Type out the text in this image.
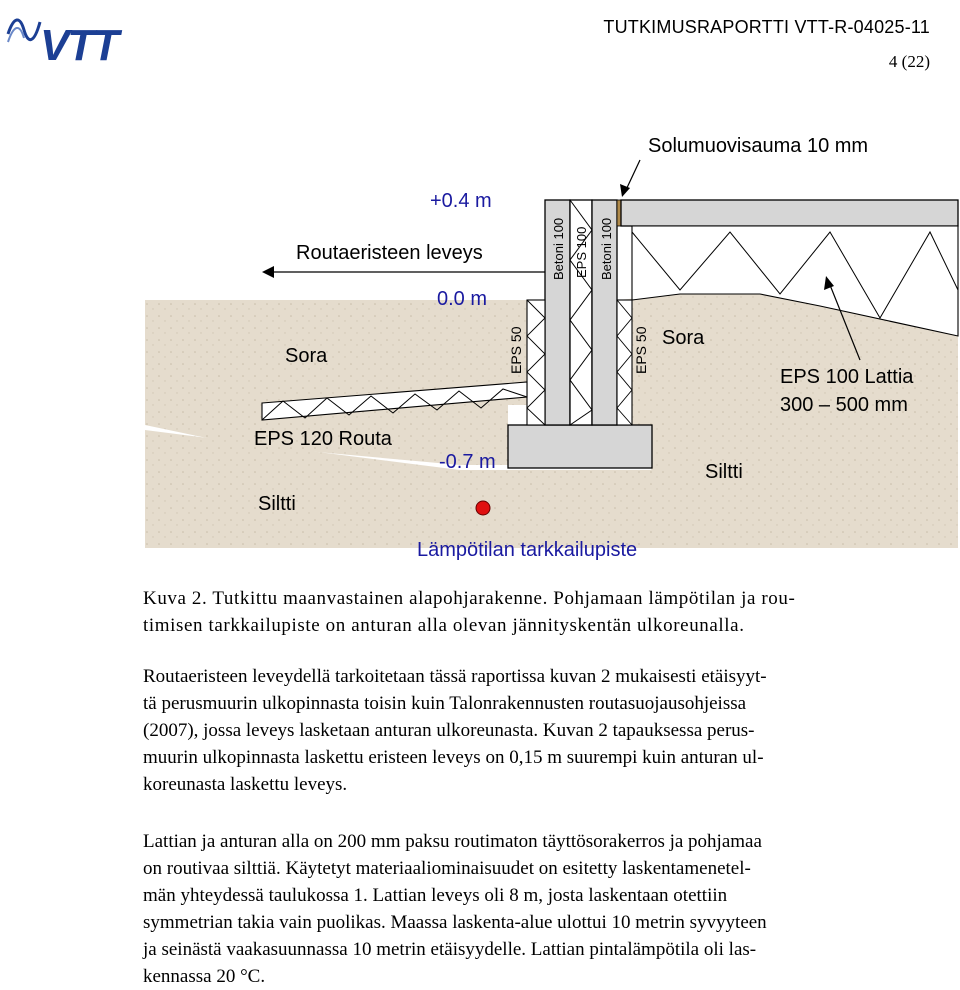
VTT	TUTKIMUSRAPORTTI VTT-R-04025-11
4 (22)
Solumuovisauma 10 mm
+0.4 m
Routaeristeen leveys
0.0 m
Sora
Sora
EPS 50	EPS 50
Betoni 100 EPS 100 Betoni 100
EPS 100 Lattia
300 – 500 mm
EPS 120 Routa
-0.7 m
Siltti
Siltti
Lämpötilan tarkkailupiste
Kuva 2. Tutkittu maanvastainen alapohjarakenne. Pohjamaan lämpötilan ja rou-
timisen tarkkailupiste on anturan alla olevan jännityskentän ulkoreunalla.
Routaeristeen leveydellä tarkoitetaan tässä raportissa kuvan 2 mukaisesti etäisyyt-
tä perusmuurin ulkopinnasta toisin kuin Talonrakennusten routasuojausohjeissa
(2007), jossa leveys lasketaan anturan ulkoreunasta. Kuvan 2 tapauksessa perus-
muurin ulkopinnasta laskettu eristeen leveys on 0,15 m suurempi kuin anturan ul-
koreunasta laskettu leveys.
Lattian ja anturan alla on 200 mm paksu routimaton täyttösorakerros ja pohjamaa
on routivaa silttiä. Käytetyt materiaaliominaisuudet on esitetty laskentamenetel-
män yhteydessä taulukossa 1. Lattian leveys oli 8 m, josta laskentaan otettiin
symmetrian takia vain puolikas. Maassa laskenta-alue ulottui 10 metrin syvyyteen
ja seinästä vaakasuunnassa 10 metrin etäisyydelle. Lattian pintalämpötila oli las-
kennassa 20 °C.
